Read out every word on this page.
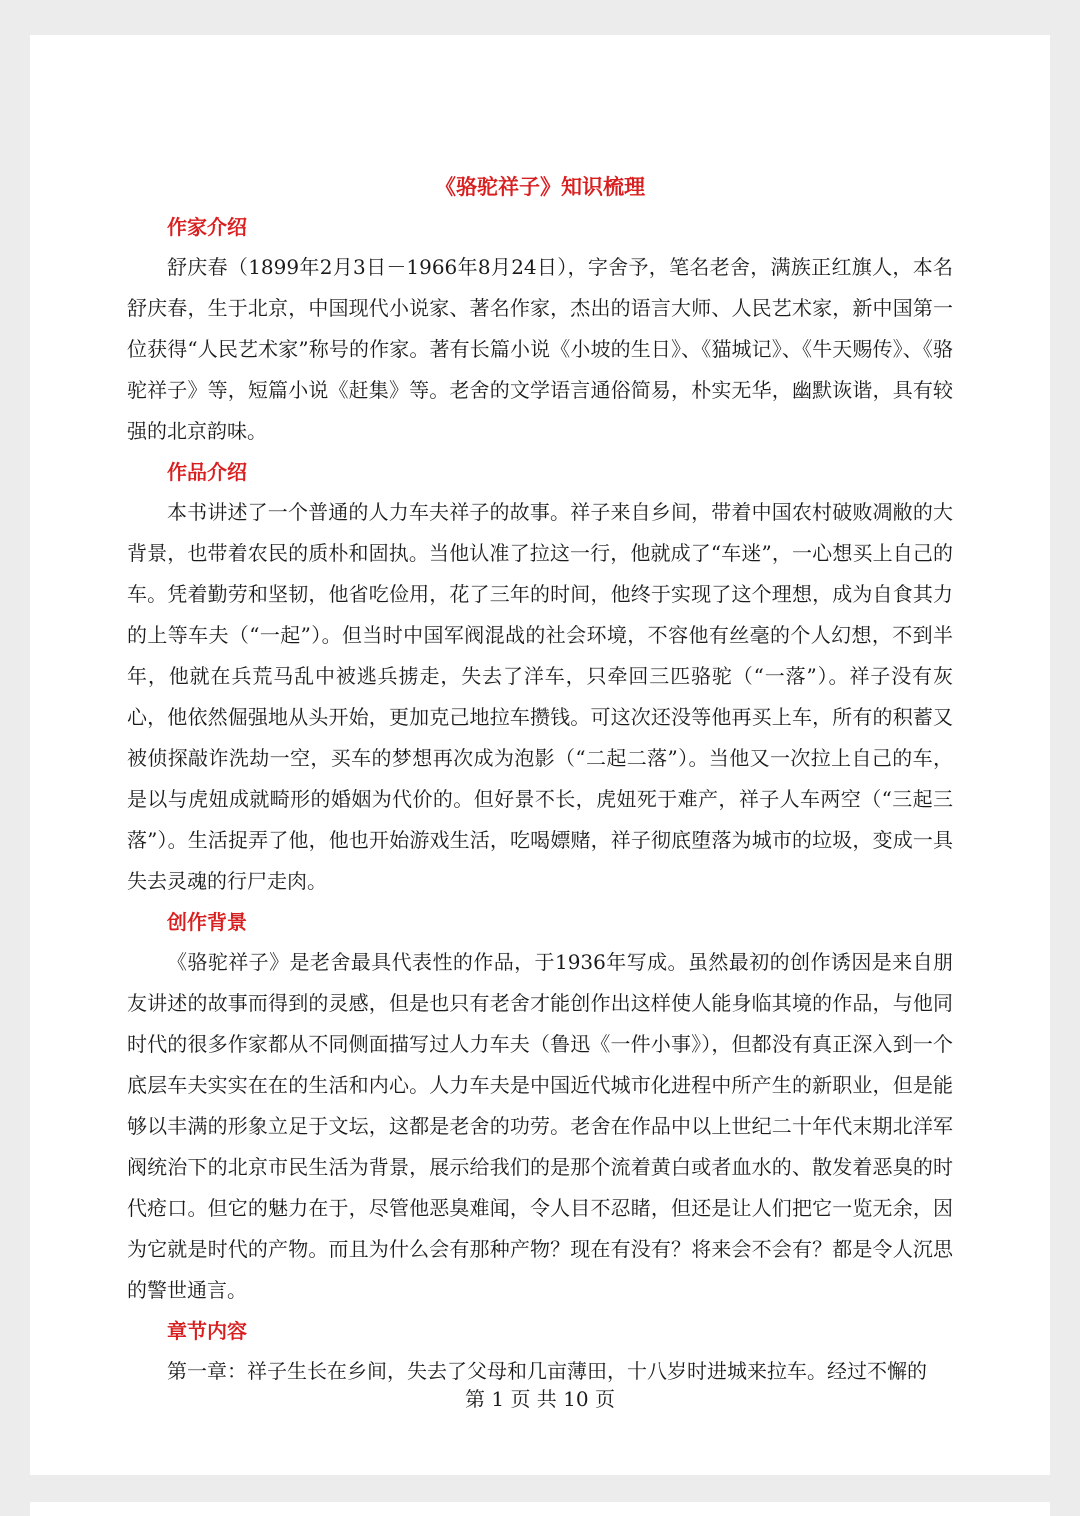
《骆驼祥子》知识梳理
作家介绍

舒庆春（1899年2月3日－1966年8月24日），字舍予，笔名老舍，满族正红旗人，本名舒庆春，生于北京，中国现代小说家、著名作家，杰出的语言大师、人民艺术家，新中国第一位获得“人民艺术家”称号的作家。著有长篇小说《小坡的生日》、《猫城记》、《牛天赐传》、《骆驼祥子》等，短篇小说《赶集》等。老舍的文学语言通俗简易，朴实无华，幽默诙谐，具有较强的北京韵味。

作品介绍

本书讲述了一个普通的人力车夫祥子的故事。祥子来自乡间，带着中国农村破败凋敝的大背景，也带着农民的质朴和固执。当他认准了拉这一行，他就成了“车迷”，一心想买上自己的车。凭着勤劳和坚韧，他省吃俭用，花了三年的时间，他终于实现了这个理想，成为自食其力的上等车夫（“一起”）。但当时中国军阀混战的社会环境，不容他有丝毫的个人幻想，不到半年，他就在兵荒马乱中被逃兵掳走，失去了洋车，只牵回三匹骆驼（“一落”）。祥子没有灰心，他依然倔强地从头开始，更加克己地拉车攒钱。可这次还没等他再买上车，所有的积蓄又被侦探敲诈洗劫一空，买车的梦想再次成为泡影（“二起二落”）。当他又一次拉上自己的车，是以与虎妞成就畸形的婚姻为代价的。但好景不长，虎妞死于难产，祥子人车两空（“三起三落”）。生活捉弄了他，他也开始游戏生活，吃喝嫖赌，祥子彻底堕落为城市的垃圾，变成一具失去灵魂的行尸走肉。

创作背景

《骆驼祥子》是老舍最具代表性的作品，于1936年写成。虽然最初的创作诱因是来自朋友讲述的故事而得到的灵感，但是也只有老舍才能创作出这样使人能身临其境的作品，与他同时代的很多作家都从不同侧面描写过人力车夫（鲁迅《一件小事》），但都没有真正深入到一个底层车夫实实在在的生活和内心。人力车夫是中国近代城市化进程中所产生的新职业，但是能够以丰满的形象立足于文坛，这都是老舍的功劳。老舍在作品中以上世纪二十年代末期北洋军阀统治下的北京市民生活为背景，展示给我们的是那个流着黄白或者血水的、散发着恶臭的时代疮口。但它的魅力在于，尽管他恶臭难闻，令人目不忍睹，但还是让人们把它一览无余，因为它就是时代的产物。而且为什么会有那种产物？现在有没有？将来会不会有？都是令人沉思的警世通言。

章节内容

第一章：祥子生长在乡间，失去了父母和几亩薄田，十八岁时进城来拉车。经过不懈的

第 1 页 共 10 页
